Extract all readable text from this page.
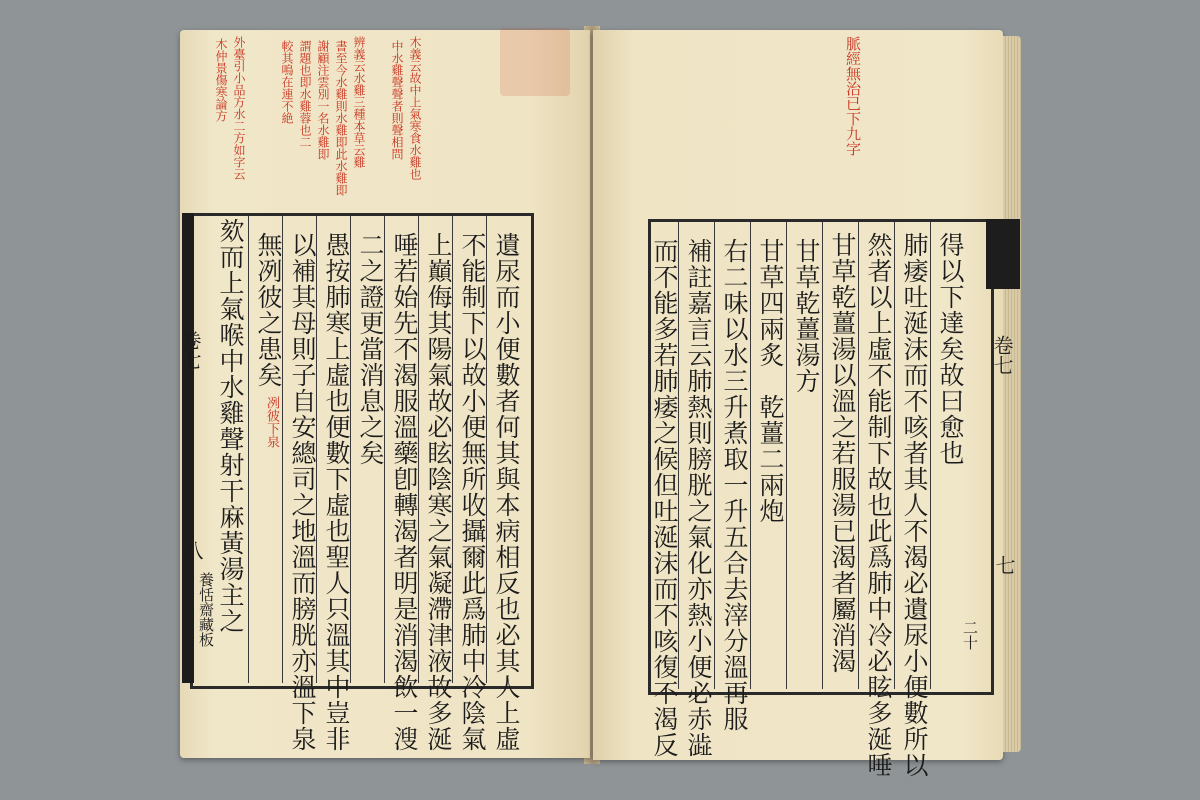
外臺引小品方水二方如字云
木仲景傷寒論方	辨義云水雞三種本草云雞
書至今水雞則水雞即此水雞即
謝顧注雲別一名水雞即
謂題也即水雞蓉也二
較其鳴在連不絶	木義云故中上氣寒食水雞也
中水雞聲聲者則聲相問
卷七
八
養恬齋藏板	遺尿而小便數者何其與本病相反也必其人上虛
不能制下以故小便無所收攝爾此爲肺中冷陰氣
上巔侮其陽氣故必眩陰寒之氣凝滯津液故多涎
唾若始先不渴服溫藥卽轉渴者明是消渴飲一溲
二之證更當消息之矣
愚按肺寒上虛也便數下虛也聖人只溫其中豈非
以補其母則子自安總司之地溫而膀胱亦溫下泉
無冽彼之患矣
冽彼下泉
欬而上氣喉中水雞聲射干麻黃湯主之
脈經無治已下九字
卷七
七
二十
得以下達矣故曰愈也
肺痿吐涎沫而不咳者其人不渴必遺尿小便數所以
然者以上虛不能制下故也此爲肺中冷必眩多涎唾
甘草乾薑湯以溫之若服湯已渴者屬消渴
甘草乾薑湯方
甘草四兩炙　乾薑二兩炮
右二味以水三升煮取一升五合去滓分溫再服
補註嘉言云肺熱則膀胱之氣化亦熱小便必赤澁
而不能多若肺痿之候但吐涎沫而不咳復不渴反
